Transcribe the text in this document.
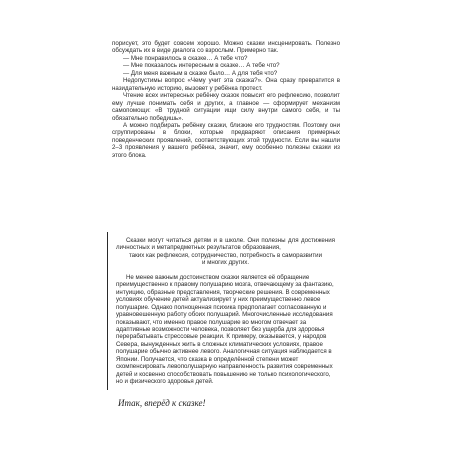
порисует, это будет совсем хорошо. Можно сказки инсценировать. Полезно обсуждать их в виде диалога со взрослым. Примерно так.

— Мне понравилось в сказке… А тебе что?

— Мне показалось интересным в сказке… А тебе что?

— Для меня важным в сказке было… А для тебя что?

Недопустимы вопрос «Чему учит эта сказка?». Она сразу превратится в назидательную историю, вызовет у ребёнка протест.

Чтение всех интересных ребёнку сказок повысит его рефлексию, позволит ему лучше понимать себя и других, а главное — сформирует механизм самопомощи: «В трудной ситуации ищи силу внутри самого себя, и ты обязательно победишь».

А можно подбирать ребёнку сказки, близкие его трудностям. Поэтому они сгруппированы в блоки, которые предваряют описания примерных поведенческих проявлений, соответствующих этой трудности. Если вы нашли 2–3 проявления у вашего ребёнка, значит, ему особенно полезны сказки из этого блока.

Сказки могут читаться детям и в школе. Они полезны для достижения личностных и метапредметных результатов образования,

таких как рефлексия, сотрудничество, потребность в саморазвитии

и многих других.

Не менее важным достоинством сказки является её обращение преимущественно к правому полушарию мозга, отвечающему за фантазию, интуицию, образные представления, творческие решения. В современных условиях обучение детей актуализирует у них преимущественно левое полушарие. Однако полноценная психика предполагает согласованную и уравновешенную работу обоих полушарий. Многочисленные исследования показывают, что именно правое полушарие во многом отвечает за адаптивные возможности человека, позволяет без ущерба для здоровья перерабатывать стрессовые реакции. К примеру, оказывается, у народов Севера, вынужденных жить в сложных климатических условиях, правое полушарие обычно активнее левого. Аналогичная ситуация наблюдается в Японии. Получается, что сказка в определённой степени может скомпенсировать левополушарную направленность развития современных детей и косвенно способствовать повышению не только психологического, но и физического здоровья детей.

Итак, вперёд к сказке!
